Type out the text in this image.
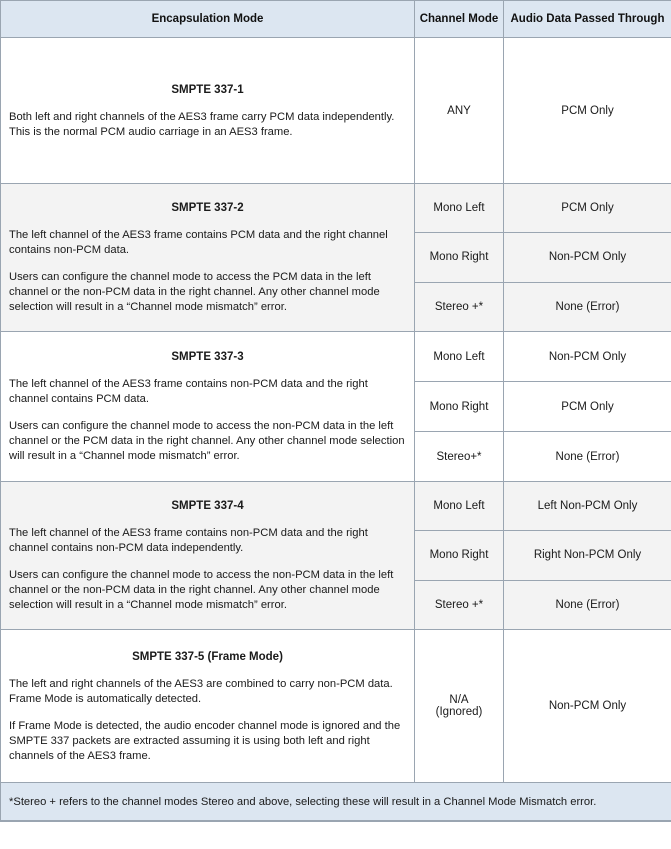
Encapsulation Mode	Channel Mode	Audio Data Passed Through

SMPTE 337-1

Both left and right channels of the AES3 frame carry PCM data independently. This is the normal PCM audio carriage in an AES3 frame.	ANY	PCM Only

SMPTE 337-2

The left channel of the AES3 frame contains PCM data and the right channel contains non-PCM data.

Users can configure the channel mode to access the PCM data in the left channel or the non-PCM data in the right channel. Any other channel mode selection will result in a “Channel mode mismatch” error.	Mono Left	PCM Only
	Mono Right	Non-PCM Only
	Stereo +*	None (Error)

SMPTE 337-3

The left channel of the AES3 frame contains non-PCM data and the right channel contains PCM data.

Users can configure the channel mode to access the non-PCM data in the left channel or the PCM data in the right channel. Any other channel mode selection will result in a “Channel mode mismatch” error.	Mono Left	Non-PCM Only
	Mono Right	PCM Only
	Stereo+*	None (Error)

SMPTE 337-4

The left channel of the AES3 frame contains non-PCM data and the right channel contains non-PCM data independently.

Users can configure the channel mode to access the non-PCM data in the left channel or the non-PCM data in the right channel. Any other channel mode selection will result in a “Channel mode mismatch” error.	Mono Left	Left Non-PCM Only
	Mono Right	Right Non-PCM Only
	Stereo +*	None (Error)

SMPTE 337-5 (Frame Mode)

The left and right channels of the AES3 are combined to carry non-PCM data. Frame Mode is automatically detected.

If Frame Mode is detected, the audio encoder channel mode is ignored and the SMPTE 337 packets are extracted assuming it is using both left and right channels of the AES3 frame.

N/A
(Ignored)	Non-PCM Only
*Stereo + refers to the channel modes Stereo and above, selecting these will result in a Channel Mode Mismatch error.		
